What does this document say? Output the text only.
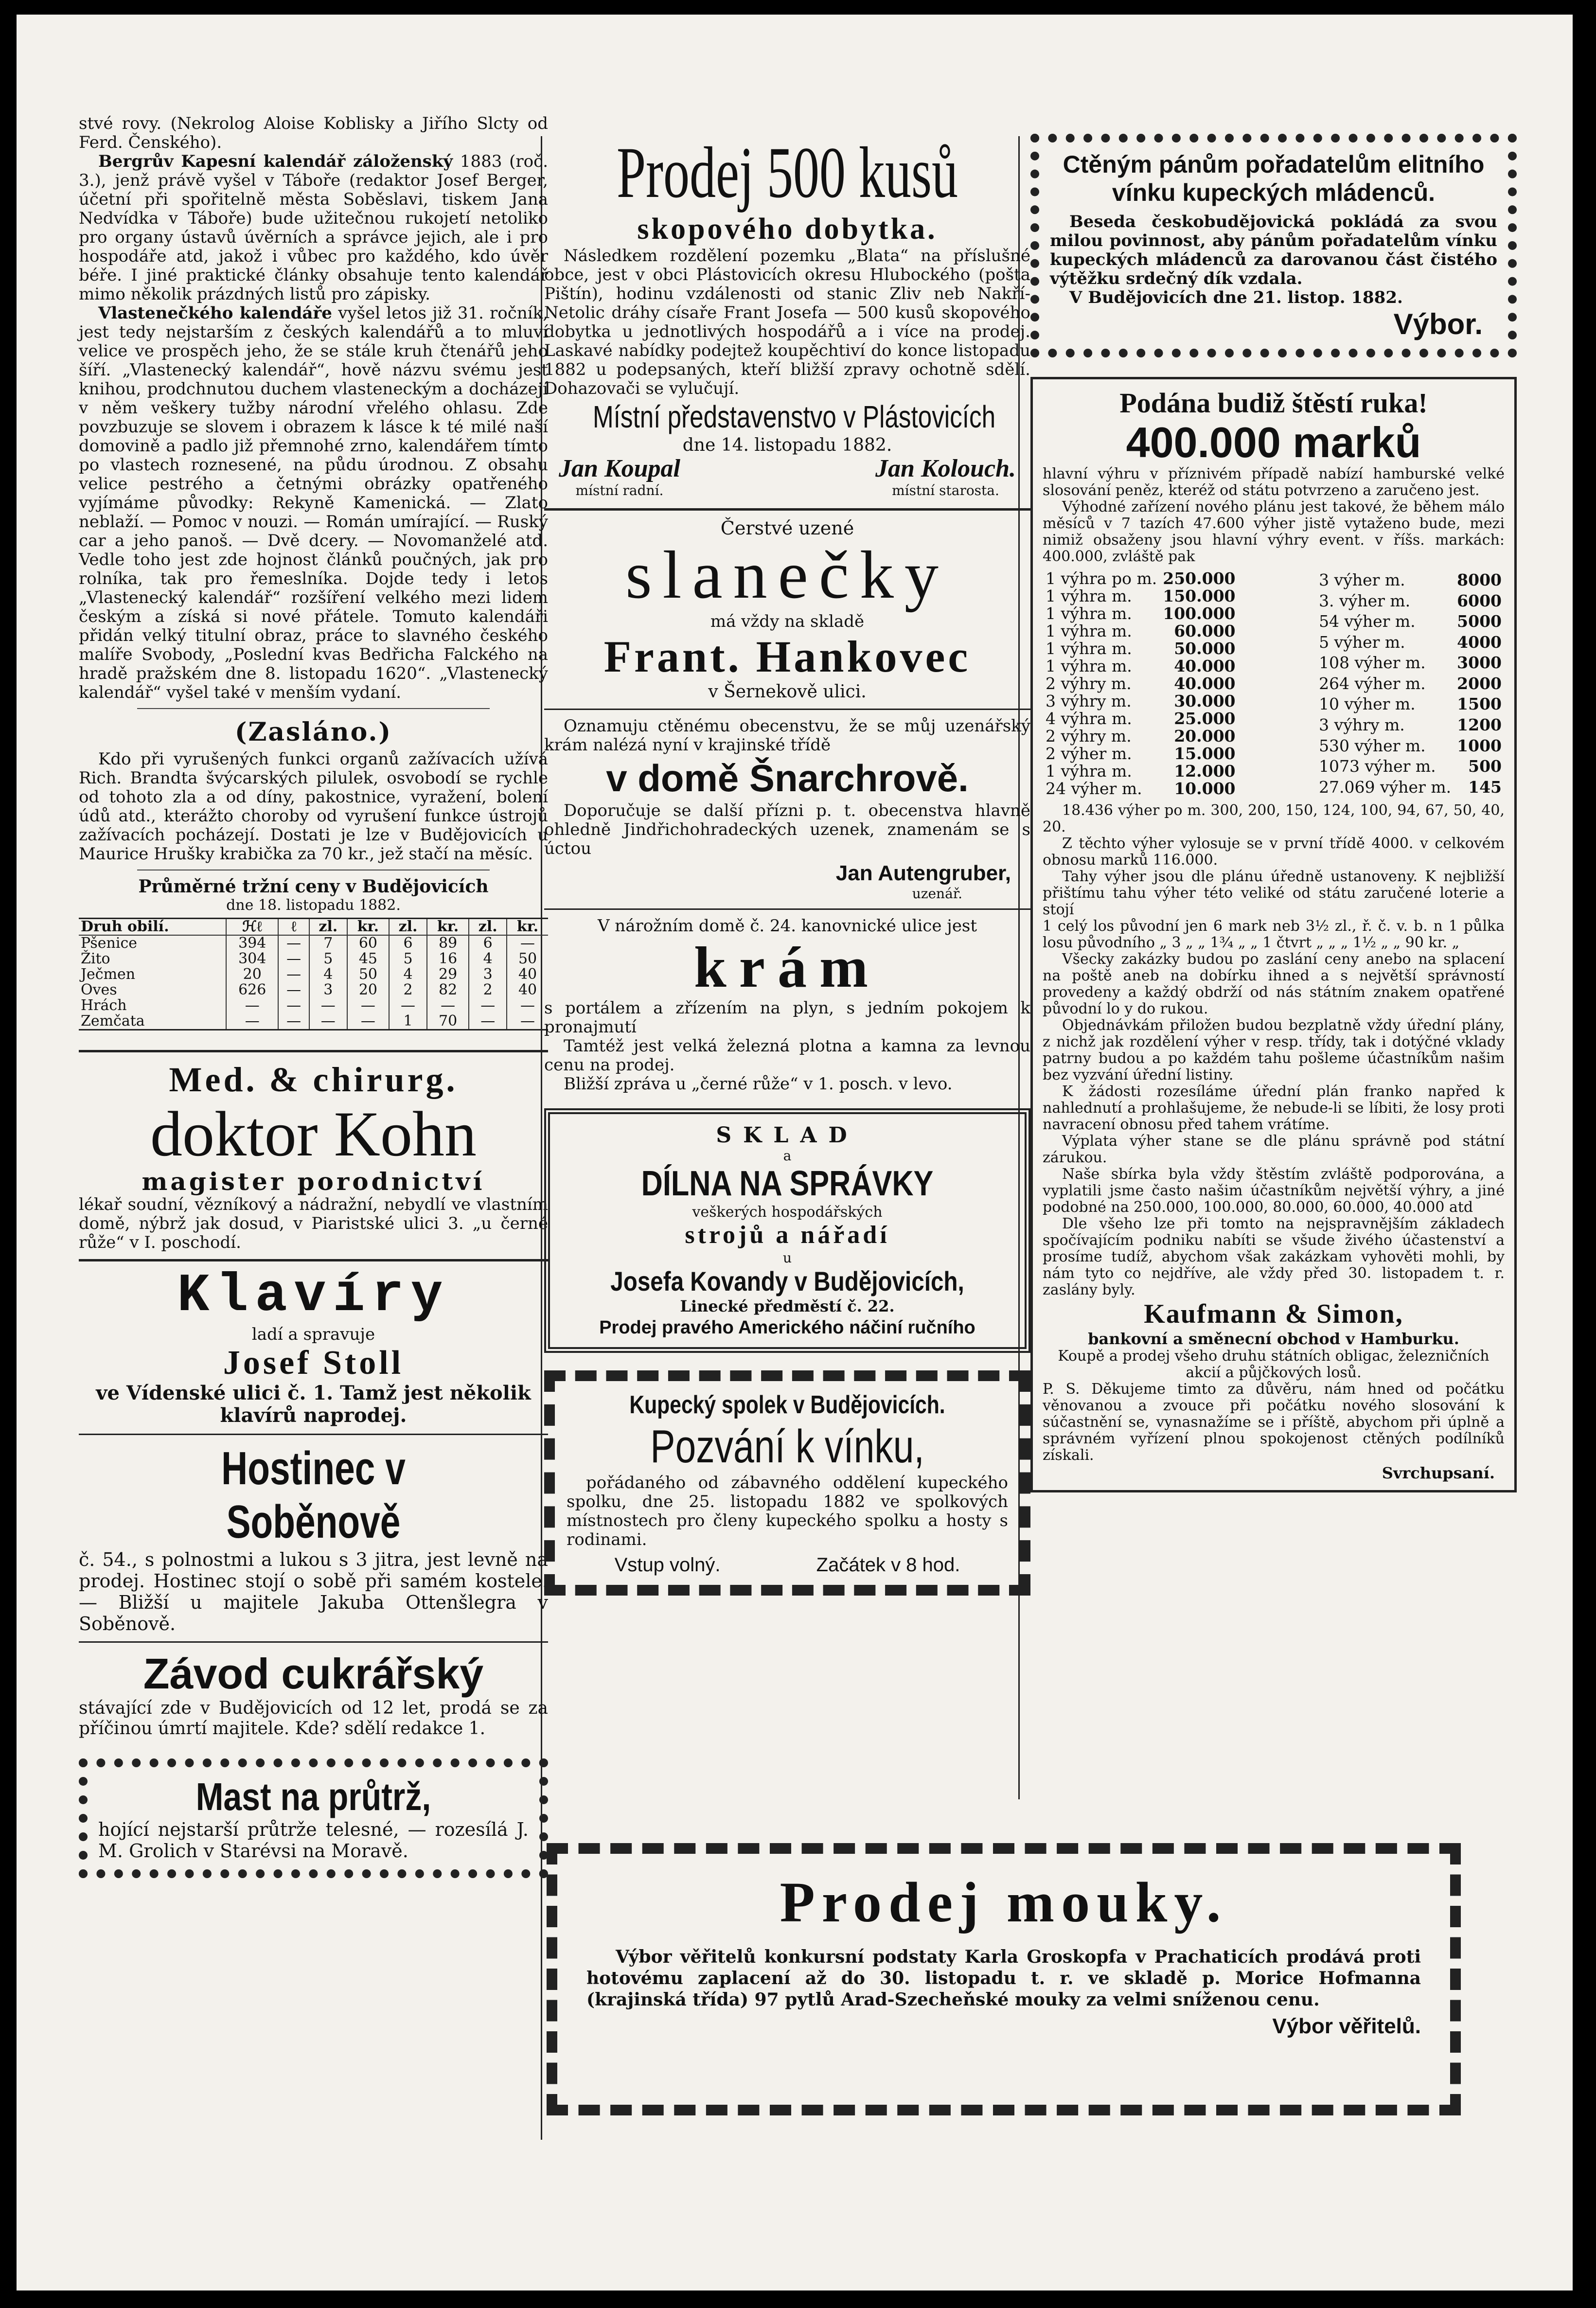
stvé rovy. (Nekrolog Aloise Koblisky a Jiřího Slcty od Ferd. Čenského).

Bergrův Kapesní kalendář záloženský 1883 (roč. 3.), jenž právě vyšel v Táboře (redaktor Josef Berger, účetní při spořitelně města Soběslavi, tiskem Jana Nedvídka v Táboře) bude užitečnou rukojetí netoliko pro organy ústavů úvěrních a správce jejich, ale i pro hospodáře atd, jakož i vůbec pro každého, kdo úvěr béře. I jiné praktické články obsahuje tento kalendář mimo několik prázdných listů pro zápisky.

Vlastenečkého kalendáře vyšel letos již 31. ročník, jest tedy nejstarším z českých kalendářů a to mluví velice ve prospěch jeho, že se stále kruh čtenářů jeho šíří. „Vlastenecký kalendář“, hově názvu svému jest knihou, prodchnutou duchem vlasteneckým a docházejí v něm veškery tužby národní vřelého ohlasu. Zde povzbuzuje se slovem i obrazem k lásce k té milé naší domovině a padlo již přemnohé zrno, kalendářem tímto po vlastech roznesené, na půdu úrodnou. Z obsahu velice pestrého a četnými obrázky opatřeného vyjímáme původky: Rekyně Kamenická. — Zlato neblaží. — Pomoc v nouzi. — Román umírající. — Ruský car a jeho panoš. — Dvě dcery. — Novomanželé atd. Vedle toho jest zde hojnost článků poučných, jak pro rolníka, tak pro řemeslníka. Dojde tedy i letos „Vlastenecký kalendář“ rozšíření velkého mezi lidem českým a získá si nové přátele. Tomuto kalendáři přidán velký titulní obraz, práce to slavného českého malíře Svobody, „Poslední kvas Bedřicha Falckého na hradě pražském dne 8. listopadu 1620“. „Vlastenecký kalendář“ vyšel také v menším vydaní.

(Zasláno.)

Kdo při vyrušených funkci organů zažívacích užívá Rich. Brandta švýcarských pilulek, osvobodí se rychle od tohoto zla a od díny, pakostnice, vyražení, bolení údů atd., kterážto choroby od vyrušení funkce ústrojů zažívacích pocházejí. Dostati je lze v Budějovicích u Maurice Hrušky krabička za 70 kr., jež stačí na měsíc.

Průměrné tržní ceny v Budějovicích

dne 18. listopadu 1882.

Druh obilí.	ℋℓ	ℓ	zl.	kr.	zl.	kr.	zl.	kr.
Pšenice	394	—	7	60	6	89	6	—
Žito	304	—	5	45	5	16	4	50
Ječmen	20	—	4	50	4	29	3	40
Oves	626	—	3	20	2	82	2	40
Hrách	—	—	—	—	—	—	—	—
Zemčata	—	—	—	—	1	70	—	—

Med. & chirurg.

doktor Kohn

magister porodnictví

lékař soudní, vězníkový a nádražní, nebydlí ve vlastním domě, nýbrž jak dosud, v Piaristské ulici 3. „u černé růže“ v I. poschodí.

Klavíry

ladí a spravuje

Josef Stoll

ve Vídenské ulici č. 1. Tamž jest několik klavírů naprodej.

Hostinec v Soběnově

č. 54., s polnostmi a lukou s 3 jitra, jest levně na prodej. Hostinec stojí o sobě při samém kostele. — Bližší u majitele Jakuba Ottenšlegra v Soběnově.

Závod cukrářský

stávající zde v Budějovicích od 12 let, prodá se za příčinou úmrtí majitele. Kde? sdělí redakce 1.

Mast na průtrž,

hojící nejstarší průtrže telesné, — rozesílá J. M. Grolich v Starévsi na Moravě.

Prodej 500 kusů

skopového dobytka.

Následkem rozdělení pozemku „Blata“ na příslušné obce, jest v obci Plástovicích okresu Hlubockého (pošta Pištín), hodinu vzdálenosti od stanic Zliv neb Nakří-Netolic dráhy císaře Frant Josefa — 500 kusů skopového dobytka u jednotlivých hospodářů a i více na prodej. Laskavé nabídky podejtež koupěchtiví do konce listopadu 1882 u podepsaných, kteří bližší zpravy ochotně sdělí. Dohazovači se vylučují.

Místní představenstvo v Plástovicích

dne 14. listopadu 1882.

Jan Koupal
místní radní.
Jan Kolouch.
místní starosta.

Čerstvé uzené

slanečky

má vždy na skladě

Frant. Hankovec

v Šernekově ulici.

Oznamuju ctěnému obecenstvu, že se můj uzenářský krám nalézá nyní v krajinské třídě

v domě Šnarchrově.

Doporučuje se další přízni p. t. obecenstva hlavně ohledně Jindřichohradeckých uzenek, znamenám se s úctou

Jan Autengruber,

uzenář.

V nárožním domě č. 24. kanovnické ulice jest

krám

s portálem a zřízením na plyn, s jedním pokojem k pronajmutí

Tamtéž jest velká železná plotna a kamna za levnou cenu na prodej.

Bližší zpráva u „černé růže“ v 1. posch. v levo.

SKLAD

a

DÍLNA NA SPRÁVKY

veškerých hospodářských

strojů a nářadí

u

Josefa Kovandy v Budějovicích,

Linecké předměstí č. 22.

Prodej pravého Amerického náčiní ručního

Kupecký spolek v Budějovicích.

Pozvání k vínku,

pořádaného od zábavného oddělení kupeckého spolku, dne 25. listopadu 1882 ve spolkových místnostech pro členy kupeckého spolku a hosty s rodinami.

Vstup volný.	Začátek v 8 hod.

Ctěným pánům pořadatelům elitního vínku kupeckých mládenců.

Beseda českobudějovická pokládá za svou milou povinnost, aby pánům pořadatelům vínku kupeckých mládenců za darovanou část čistého výtěžku srdečný dík vzdala.

V Budějovicích dne 21. listop. 1882.

Výbor.

Podána budiž štěstí ruka!

400.000 marků

hlavní výhru v příznivém případě nabízí hamburské velké slosování peněz, kteréž od státu potvrzeno a zaručeno jest.

Výhodné zařízení nového plánu jest takové, že během málo měsíců v 7 tazích 47.600 výher jistě vytaženo bude, mezi nimiž obsaženy jsou hlavní výhry event. v říšs. markách: 400.000, zvláště pak

1 výhra po m.	250.000
1 výhra m.	150.000
1 výhra m.	100.000
1 výhra m.	60.000
1 výhra m.	50.000
1 výhra m.	40.000
2 výhry m.	40.000
3 výhry m.	30.000
4 výhra m.	25.000
2 výhry m.	20.000
2 výher m.	15.000
1 výhra m.	12.000
24 výher m.	10.000
3 výher m.	8000
3. výher m.	6000
54 výher m.	5000
5 výher m.	4000
108 výher m.	3000
264 výher m.	2000
10 výher m.	1500
3 výhry m.	1200
530 výher m.	1000
1073 výher m.	500
27.069 výher m.	145

18.436 výher po m. 300, 200, 150, 124, 100, 94, 67, 50, 40, 20.

Z těchto výher vylosuje se v první třídě 4000. v celkovém obnosu marků 116.000.

Tahy výher jsou dle plánu úředně ustanoveny. K nejbližší přištímu tahu výher této veliké od státu zaručené loterie a stojí

1 celý los původní jen 6 mark neb 3½ zl., ř. č. v. b. n 1 půlka losu původního „ 3 „ „ 1¾ „ „ 1 čtvrt „ „ „ 1½ „ „ 90 kr. „

Všecky zakázky budou po zaslání ceny anebo na splacení na poště aneb na dobírku ihned a s největší správností provedeny a každý obdrží od nás státním znakem opatřené původní lo y do rukou.

Objednávkám přiložen budou bezplatně vždy úřední plány, z nichž jak rozdělení výher v resp. třídy, tak i dotýčné vklady patrny budou a po každém tahu pošleme účastníkům našim bez vyzvání úřední listiny.

K žádosti rozesíláme úřední plán franko napřed k nahlednutí a prohlašujeme, že nebude-li se líbiti, že losy proti navracení obnosu před tahem vrátíme.

Výplata výher stane se dle plánu správně pod státní zárukou.

Naše sbírka byla vždy štěstím zvláště podporována, a vyplatili jsme často našim účastníkům největší výhry, a jiné podobné na 250.000, 100.000, 80.000, 60.000, 40.000 atd

Dle všeho lze při tomto na nejspravnějším základech spočívajícím podniku nabíti se všude živého účastenství a prosíme tudíž, abychom však zakázkam vyhověti mohli, by nám tyto co nejdříve, ale vždy před 30. listopadem t. r. zaslány byly.

Kaufmann & Simon,

bankovní a směnecní obchod v Hamburku.

Koupě a prodej všeho druhu státních obligac, železničních akcií a půjčkových losů.

P. S. Děkujeme timto za důvěru, nám hned od počátku věnovanou a zvouce při počátku nového slosování k súčastnění se, vynasnažíme se i příště, abychom při úplně a správném vyřízení plnou spokojenost ctěných podílníků získali.

Svrchupsaní.

Prodej mouky.

Výbor věřitelů konkursní podstaty Karla Groskopfa v Prachaticích prodává proti hotovému zaplacení až do 30. listopadu t. r. ve skladě p. Morice Hofmanna (krajinská třída) 97 pytlů Arad-Szecheňské mouky za velmi sníženou cenu.

Výbor věřitelů.
